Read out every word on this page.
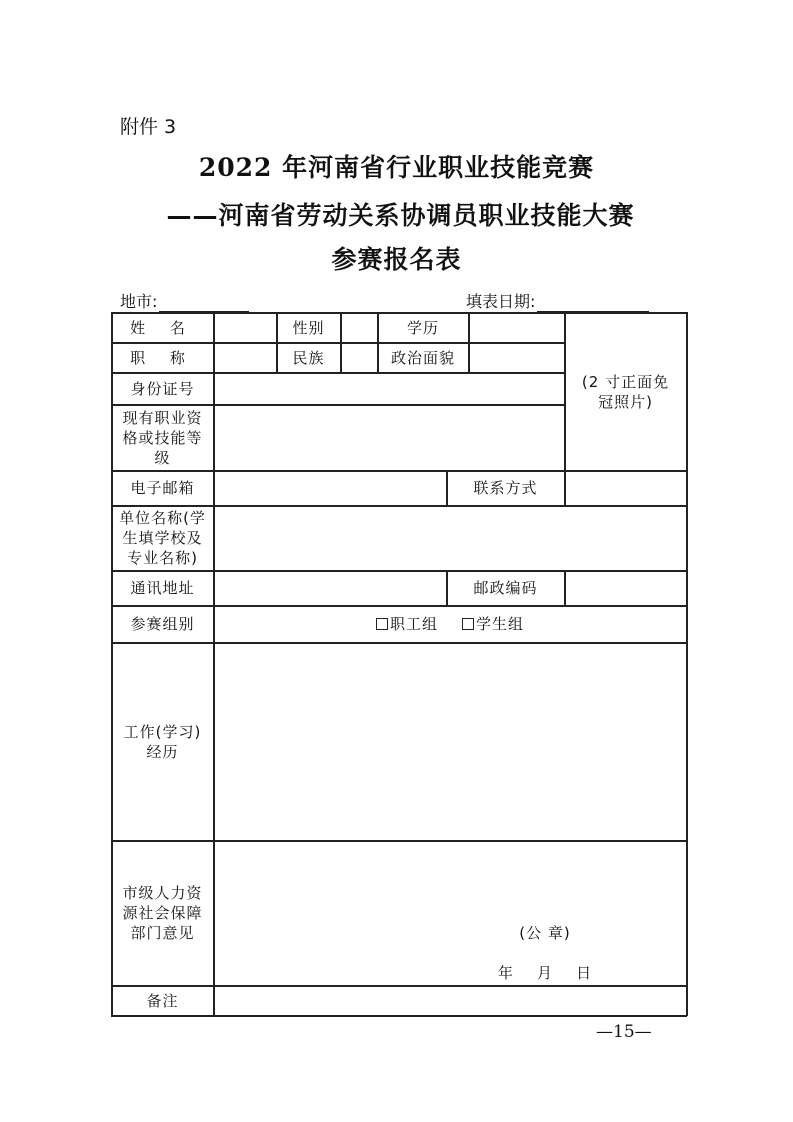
附件 3
2022 年河南省行业职业技能竞赛
——河南省劳动关系协调员职业技能大赛
参赛报名表
地市:	填表日期:
姓 名	性别	学历
职 称	民族	政治面貌
(2 寸正面免冠照片)
身份证号
现有职业资格或技能等级
电子邮箱	联系方式
单位名称(学生填学校及专业名称)
通讯地址	邮政编码
参赛组别	职工组	学生组
工作(学习)经历
市级人力资源社会保障部门意见	(公 章)
年    月    日
备注
—15—
